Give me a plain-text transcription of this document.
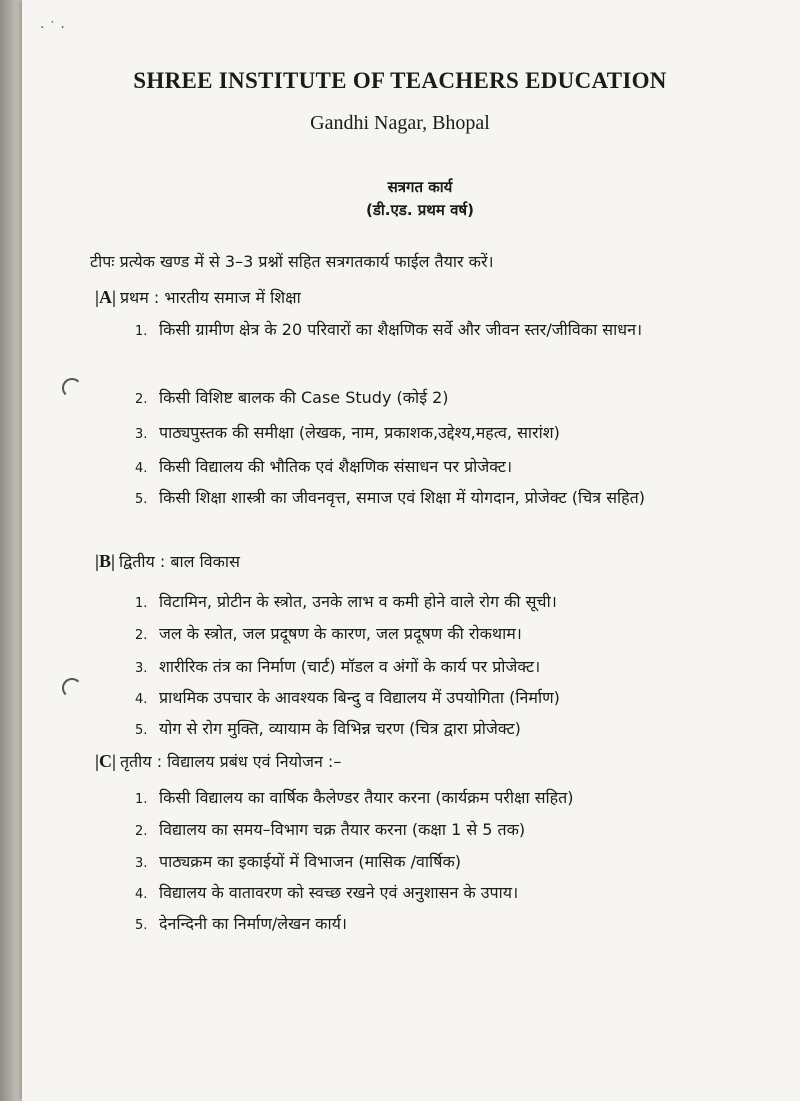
· ˙ ·
SHREE INSTITUTE OF TEACHERS EDUCATION
Gandhi Nagar, Bhopal
सत्रगत कार्य
(डी.एड. प्रथम वर्ष)
टीपः प्रत्येक खण्ड में से 3–3 प्रश्नों सहित सत्रगतकार्य फाईल तैयार करें।
|A| प्रथम : भारतीय समाज में शिक्षा
1. किसी ग्रामीण क्षेत्र के 20 परिवारों का शैक्षणिक सर्वे और जीवन स्तर/जीविका साधन।
2. किसी विशिष्ट बालक की Case Study (कोई 2)
3. पाठ्यपुस्तक की समीक्षा (लेखक, नाम, प्रकाशक,उद्देश्य,महत्व, सारांश)
4. किसी विद्यालय की भौतिक एवं शैक्षणिक संसाधन पर प्रोजेक्ट।
5. किसी शिक्षा शास्त्री का जीवनवृत्त, समाज एवं शिक्षा में योगदान, प्रोजेक्ट (चित्र सहित)
|B| द्वितीय : बाल विकास
1. विटामिन, प्रोटीन के स्त्रोत, उनके लाभ व कमी होने वाले रोग की सूची।
2. जल के स्त्रोत, जल प्रदूषण के कारण, जल प्रदूषण की रोकथाम।
3. शारीरिक तंत्र का निर्माण (चार्ट) मॉडल व अंगों के कार्य पर प्रोजेक्ट।
4. प्राथमिक उपचार के आवश्यक बिन्दु व विद्यालय में उपयोगिता (निर्माण)
5. योग से रोग मुक्ति, व्यायाम के विभिन्न चरण (चित्र द्वारा प्रोजेक्ट)
|C| तृतीय : विद्यालय प्रबंध एवं नियोजन :–
1. किसी विद्यालय का वार्षिक कैलेण्डर तैयार करना (कार्यक्रम परीक्षा सहित)
2. विद्यालय का समय–विभाग चक्र तैयार करना (कक्षा 1 से 5 तक)
3. पाठ्यक्रम का इकाईयों में विभाजन (मासिक /वार्षिक)
4. विद्यालय के वातावरण को स्वच्छ रखने एवं अनुशासन के उपाय।
5. देनन्दिनी का निर्माण/लेखन कार्य।
